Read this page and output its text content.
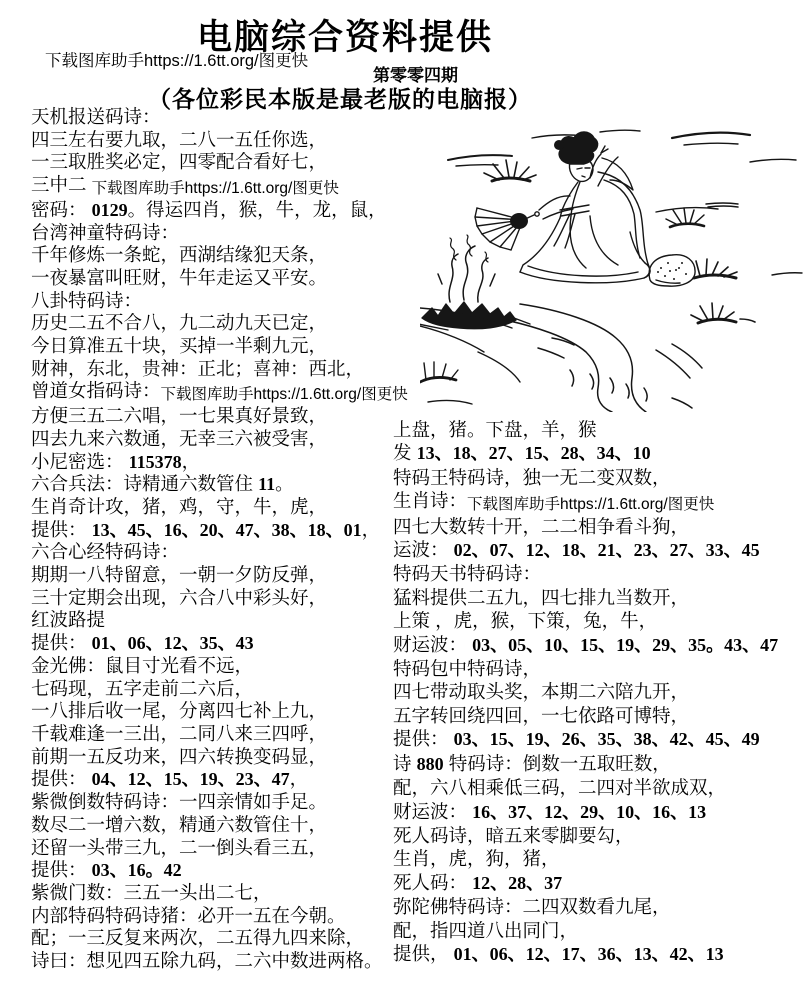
电脑综合资料提供
下载图库助手https://1.6tt.org/图更快
第零零四期
（各位彩民本版是最老版的电脑报）
天机报送码诗：
四三左右要九取，二八一五任你选，
一三取胜奖必定，四零配合看好七，
三中二 下载图库助手https://1.6tt.org/图更快
密码： 0129。得运四肖，猴，牛，龙，鼠，
台湾神童特码诗：
千年修炼一条蛇，西湖结缘犯天条，
一夜暴富叫旺财，牛年走运又平安。
八卦特码诗：
历史二五不合八，九二动九天已定，
今日算准五十块，买掉一半剩九元，
财神，东北，贵神：正北；喜神：西北，
曾道女指码诗：下载图库助手https://1.6tt.org/图更快
方便三五二六唱，一七果真好景致，
四去九来六数通，无幸三六被受害，
小尼密选： 115378，
六合兵法：诗精通六数管住 11。
生肖奇计攻，猪，鸡，守，牛，虎，
提供： 13、45、16、20、47、38、18、01，
六合心经特码诗：
期期一八特留意，一朝一夕防反弹，
三十定期会出现，六合八中彩头好，
红波路提
提供： 01、06、12、35、43
金光佛：鼠目寸光看不远，
七码现，五字走前二六后，
一八排后收一尾，分离四七补上九，
千载难逢一三出，二同八来三四呼，
前期一五反功来，四六转换变码显，
提供： 04、12、15、19、23、47，
紫微倒数特码诗：一四亲情如手足。
数尽二一增六数，精通六数管住十，
还留一头带三九，二一倒头看三五，
提供： 03、16。42
紫微门数：三五一头出二七，
内部特码特码诗猪：必开一五在今朝。
配；一三反复来两次，二五得九四来除，
诗曰：想见四五除九码，二六中数进两格。
上盘，猪。下盘，羊，猴
发 13、18、27、15、28、34、10
特码王特码诗，独一无二变双数，
生肖诗：下载图库助手https://1.6tt.org/图更快
四七大数转十开，二二相争看斗狗，
运波： 02、07、12、18、21、23、27、33、45
特码天书特码诗：
猛料提供二五九，四七排九当数开，
上策 ，虎，猴，下策，兔，牛，
财运波： 03、05、10、15、19、29、35。43、47
特码包中特码诗，
四七带动取头奖，本期二六陪九开，
五字转回绕四回，一七依路可博特，
提供： 03、15、19、26、35、38、42、45、49
诗 880 特码诗：倒数一五取旺数，
配，六八相乘低三码，二四对半欲成双，
财运波： 16、37、12、29、10、16、13
死人码诗，暗五来零脚要勾，
生肖，虎，狗，猪，
死人码： 12、28、37
弥陀佛特码诗：二四双数看九尾，
配，指四道八出同门，
提供， 01、06、12、17、36、13、42、13
